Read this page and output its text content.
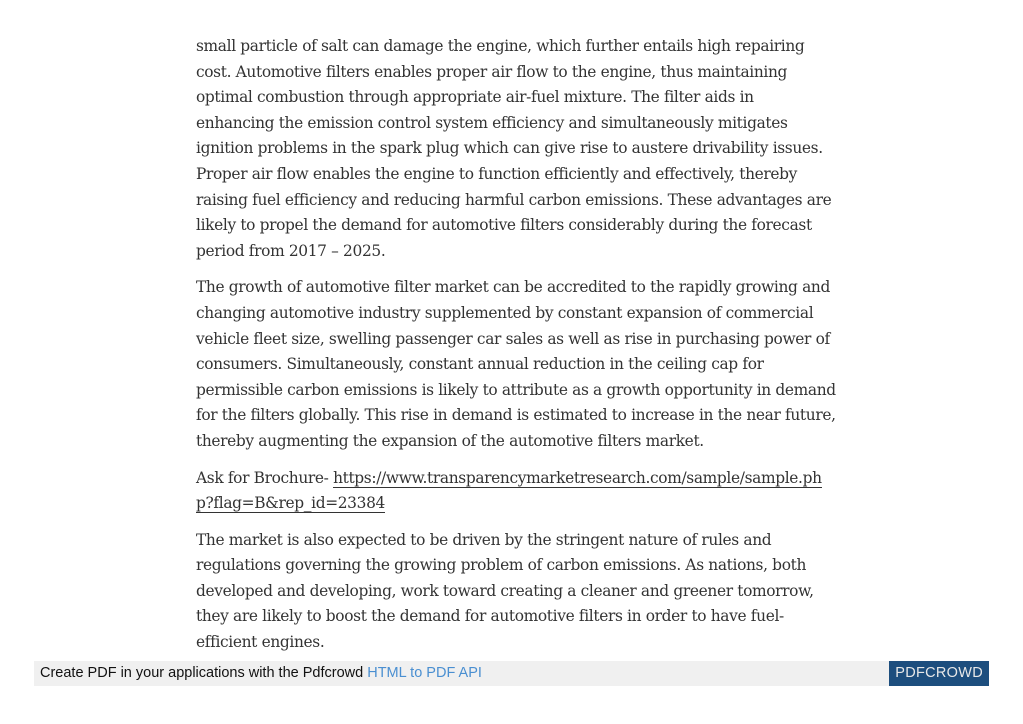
small particle of salt can damage the engine, which further entails high repairing cost. Automotive filters enables proper air flow to the engine, thus maintaining optimal combustion through appropriate air-fuel mixture. The filter aids in enhancing the emission control system efficiency and simultaneously mitigates ignition problems in the spark plug which can give rise to austere drivability issues. Proper air flow enables the engine to function efficiently and effectively, thereby raising fuel efficiency and reducing harmful carbon emissions. These advantages are likely to propel the demand for automotive filters considerably during the forecast period from 2017 – 2025.

The growth of automotive filter market can be accredited to the rapidly growing and changing automotive industry supplemented by constant expansion of commercial vehicle fleet size, swelling passenger car sales as well as rise in purchasing power of consumers. Simultaneously, constant annual reduction in the ceiling cap for permissible carbon emissions is likely to attribute as a growth opportunity in demand for the filters globally. This rise in demand is estimated to increase in the near future, thereby augmenting the expansion of the automotive filters market.

Ask for Brochure- https://www.transparencymarketresearch.com/sample/sample.php?flag=B&rep_id=23384

The market is also expected to be driven by the stringent nature of rules and regulations governing the growing problem of carbon emissions. As nations, both developed and developing, work toward creating a cleaner and greener tomorrow, they are likely to boost the demand for automotive filters in order to have fuel-efficient engines.

Create PDF in your applications with the Pdfcrowd HTML to PDF API	PDFCROWD
